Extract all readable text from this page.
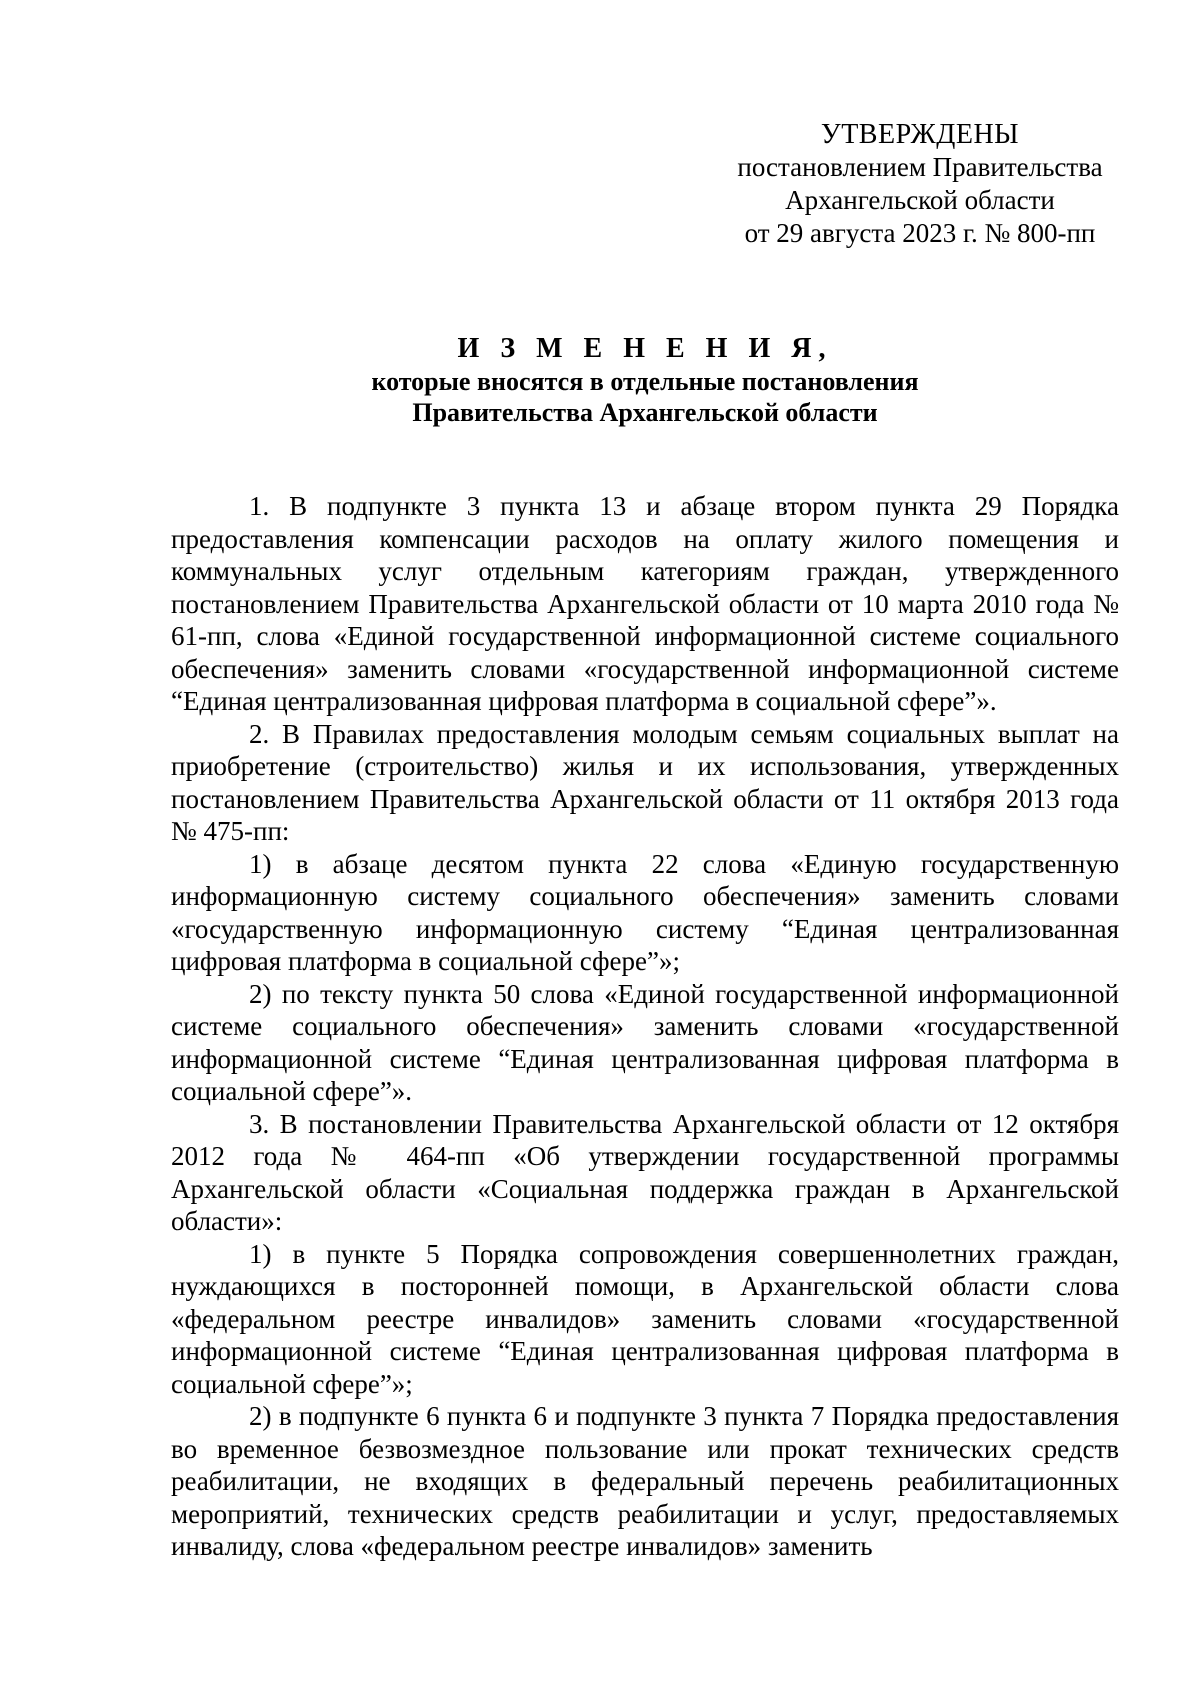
УТВЕРЖДЕНЫ
постановлением Правительства
Архангельской области
от 29 августа 2023 г. № 800-пп
И З М Е Н Е Н И Я,
которые вносятся в отдельные постановления
Правительства Архангельской области

1. В подпункте 3 пункта 13 и абзаце втором пункта 29 Порядка предоставления компенсации расходов на оплату жилого помещения и коммунальных услуг отдельным категориям граждан, утвержденного постановлением Правительства Архангельской области от 10 марта 2010 года № 61-пп, слова «Единой государственной информационной системе социального обеспечения» заменить словами «государственной информационной системе “Единая централизованная цифровая платформа в социальной сфере”».

2. В Правилах предоставления молодым семьям социальных выплат на приобретение (строительство) жилья и их использования, утвержденных постановлением Правительства Архангельской области от 11 октября 2013 года № 475-пп:

1) в абзаце десятом пункта 22 слова «Единую государственную информационную систему социального обеспечения» заменить словами «государственную информационную систему “Единая централизованная цифровая платформа в социальной сфере”»;

2) по тексту пункта 50 слова «Единой государственной информационной системе социального обеспечения» заменить словами «государственной информационной системе “Единая централизованная цифровая платформа в социальной сфере”».

3. В постановлении Правительства Архангельской области от 12 октября 2012 года № 464-пп «Об утверждении государственной программы Архангельской области «Социальная поддержка граждан в Архангельской области»:

1) в пункте 5 Порядка сопровождения совершеннолетних граждан, нуждающихся в посторонней помощи, в Архангельской области слова «федеральном реестре инвалидов» заменить словами «государственной информационной системе “Единая централизованная цифровая платформа в социальной сфере”»;

2) в подпункте 6 пункта 6 и подпункте 3 пункта 7 Порядка предоставления во временное безвозмездное пользование или прокат технических средств реабилитации, не входящих в федеральный перечень реабилитационных мероприятий, технических средств реабилитации и услуг, предоставляемых инвалиду, слова «федеральном реестре инвалидов» заменить
